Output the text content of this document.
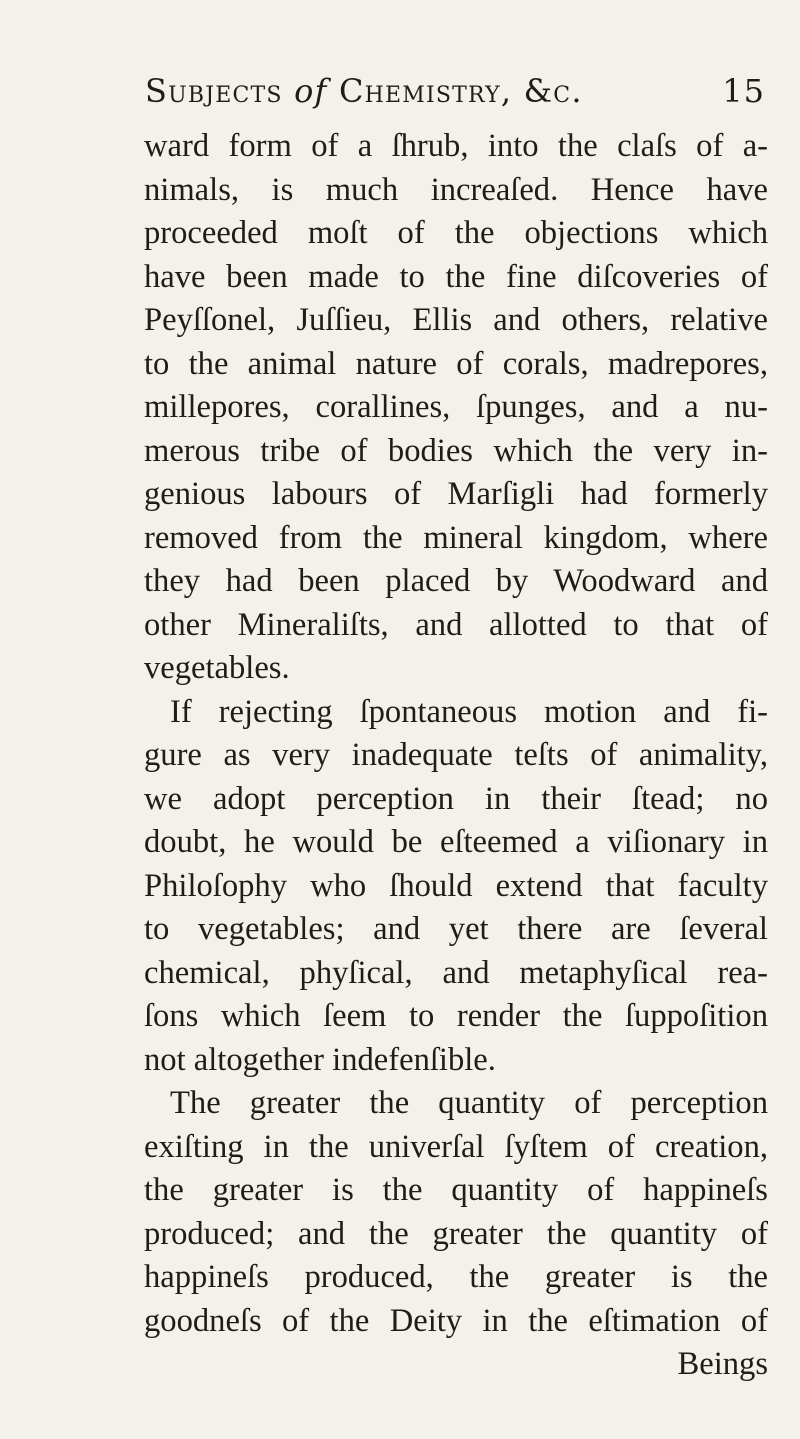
Subjects of Chemistry, &c.	15
ward form of a ſhrub, into the claſs of a-
nimals, is much increaſed. Hence have
proceeded moſt of the objections which
have been made to the fine diſcoveries of
Peyſſonel, Juſſieu, Ellis and others, relative
to the animal nature of corals, madrepores,
millepores, corallines, ſpunges, and a nu-
merous tribe of bodies which the very in-
genious labours of Marſigli had formerly
removed from the mineral kingdom, where
they had been placed by Woodward and
other Mineraliſts, and allotted to that of
vegetables.
If rejecting ſpontaneous motion and fi-
gure as very inadequate teſts of animality,
we adopt perception in their ſtead; no
doubt, he would be eſteemed a viſionary in
Philoſophy who ſhould extend that faculty
to vegetables; and yet there are ſeveral
chemical, phyſical, and metaphyſical rea-
ſons which ſeem to render the ſuppoſition
not altogether indefenſible.
The greater the quantity of perception
exiſting in the univerſal ſyſtem of creation,
the greater is the quantity of happineſs
produced; and the greater the quantity of
happineſs produced, the greater is the
goodneſs of the Deity in the eſtimation of
Beings
